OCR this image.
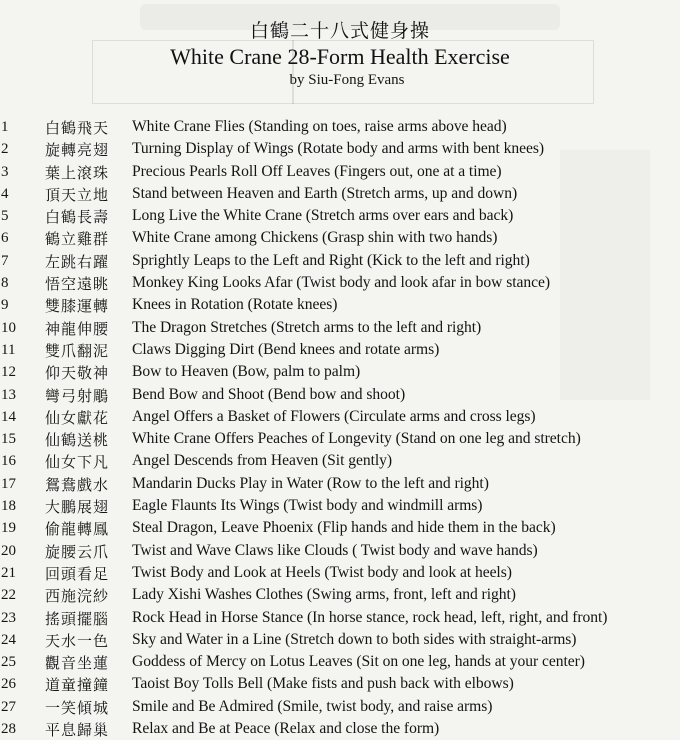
白鶴二十八式健身操
White Crane 28-Form Health Exercise
by Siu-Fong Evans
1	白鶴飛天 White Crane Flies (Standing on toes, raise arms above head)
2	旋轉亮翅 Turning Display of Wings (Rotate body and arms with bent knees)
3	葉上滾珠 Precious Pearls Roll Off Leaves (Fingers out, one at a time)
4	頂天立地 Stand between Heaven and Earth (Stretch arms, up and down)
5	白鶴長壽 Long Live the White Crane (Stretch arms over ears and back)
6	鶴立雞群 White Crane among Chickens (Grasp shin with two hands)
7	左跳右躍 Sprightly Leaps to the Left and Right (Kick to the left and right)
8	悟空遠眺 Monkey King Looks Afar (Twist body and look afar in bow stance)
9	雙膝運轉 Knees in Rotation (Rotate knees)
10	神龍伸腰 The Dragon Stretches (Stretch arms to the left and right)
11	雙爪翻泥 Claws Digging Dirt (Bend knees and rotate arms)
12	仰天敬神 Bow to Heaven (Bow, palm to palm)
13	彎弓射鵰 Bend Bow and Shoot (Bend bow and shoot)
14	仙女獻花 Angel Offers a Basket of Flowers (Circulate arms and cross legs)
15	仙鶴送桃 White Crane Offers Peaches of Longevity (Stand on one leg and stretch)
16	仙女下凡 Angel Descends from Heaven (Sit gently)
17	鴛鴦戲水 Mandarin Ducks Play in Water (Row to the left and right)
18	大鵬展翅 Eagle Flaunts Its Wings (Twist body and windmill arms)
19	偷龍轉鳳 Steal Dragon, Leave Phoenix (Flip hands and hide them in the back)
20	旋腰云爪 Twist and Wave Claws like Clouds ( Twist body and wave hands)
21	回頭看足 Twist Body and Look at Heels (Twist body and look at heels)
22	西施浣紗 Lady Xishi Washes Clothes (Swing arms, front, left and right)
23	搖頭擺腦 Rock Head in Horse Stance (In horse stance, rock head, left, right, and front)
24	天水一色 Sky and Water in a Line (Stretch down to both sides with straight-arms)
25	觀音坐蓮 Goddess of Mercy on Lotus Leaves (Sit on one leg, hands at your center)
26	道童撞鐘 Taoist Boy Tolls Bell (Make fists and push back with elbows)
27	一笑傾城 Smile and Be Admired (Smile, twist body, and raise arms)
28	平息歸巢 Relax and Be at Peace (Relax and close the form)
